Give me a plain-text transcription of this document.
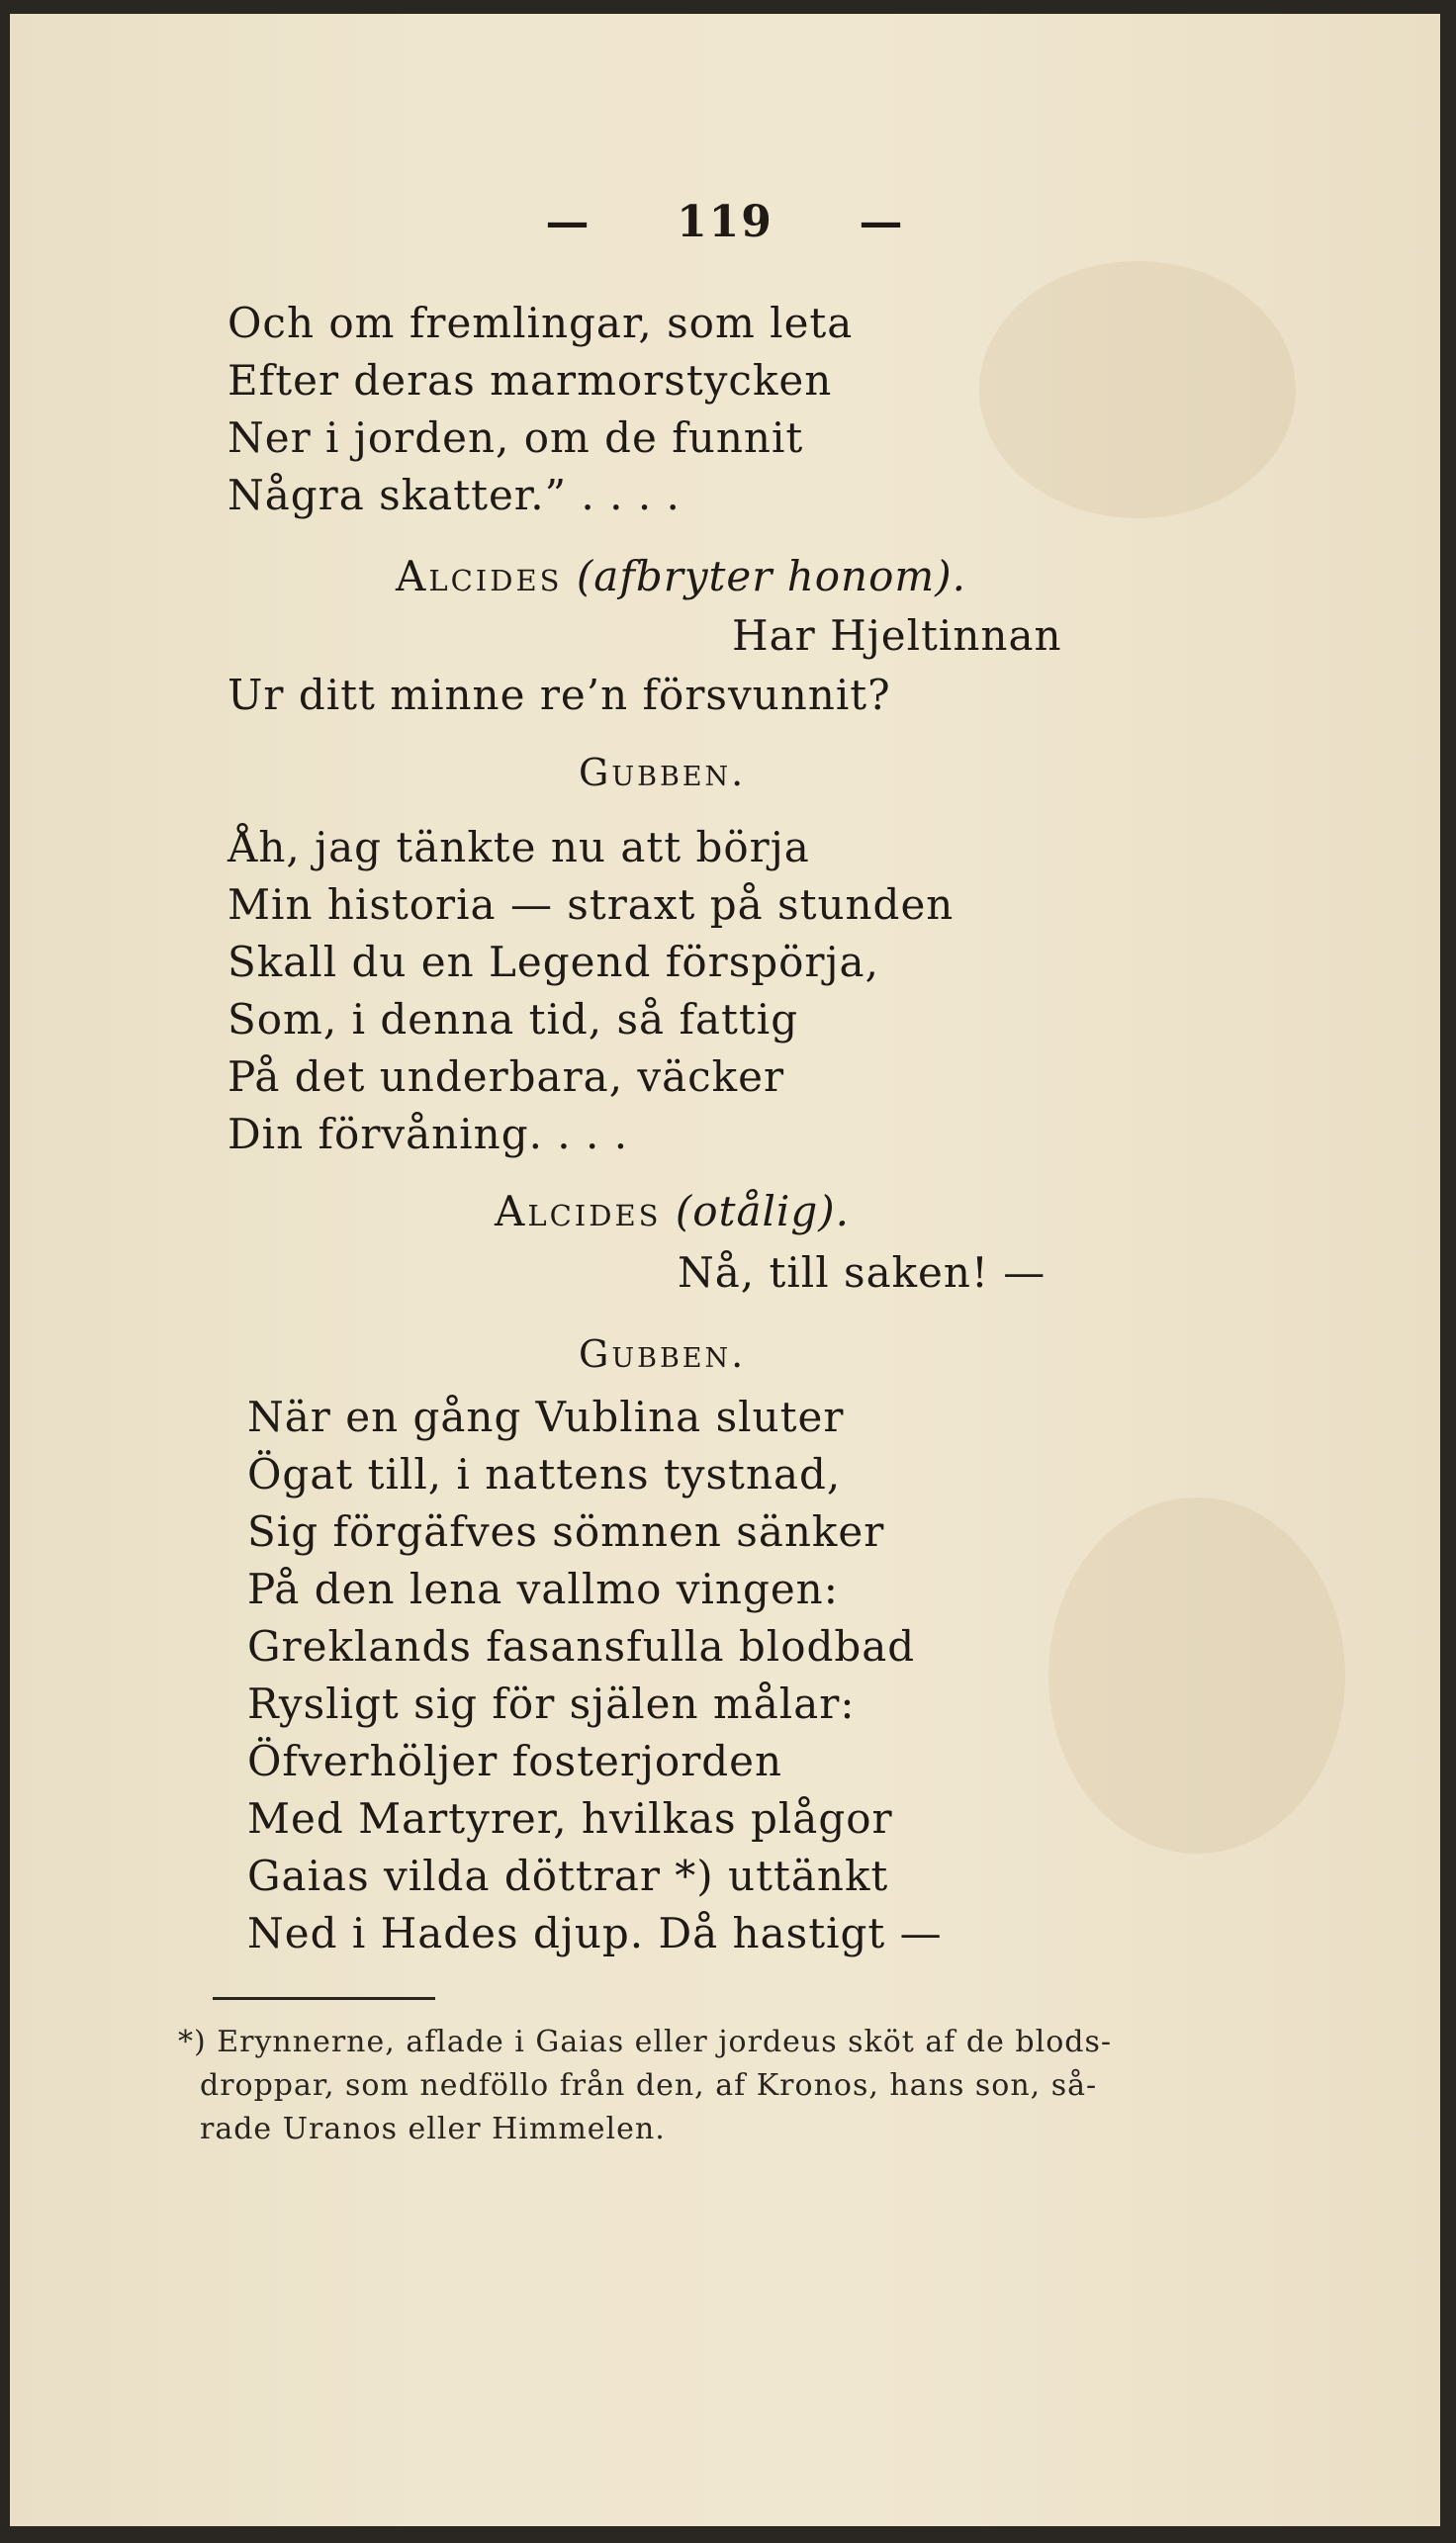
— 119 —
Och om fremlingar, som leta
Efter deras marmorstycken
Ner i jorden, om de funnit
Några skatter.” . . . .
Alcides (afbryter honom).
Har Hjeltinnan
Ur ditt minne re’n försvunnit?
Gubben.
Åh, jag tänkte nu att börja
Min historia — straxt på stunden
Skall du en Legend förspörja,
Som, i denna tid, så fattig
På det underbara, väcker
Din förvåning. . . .
Alcides (otålig).
Nå, till saken! —
Gubben.
När en gång Vublina sluter
Ögat till, i nattens tystnad,
Sig förgäfves sömnen sänker
På den lena vallmo vingen:
Greklands fasansfulla blodbad
Rysligt sig för själen målar:
Öfverhöljer fosterjorden
Med Martyrer, hvilkas plågor
Gaias vilda döttrar *) uttänkt
Ned i Hades djup. Då hastigt —
*) Erynnerne, aflade i Gaias eller jordeus sköt af de blods-
droppar, som nedföllo från den, af Kronos, hans son, så-
rade Uranos eller Himmelen.
